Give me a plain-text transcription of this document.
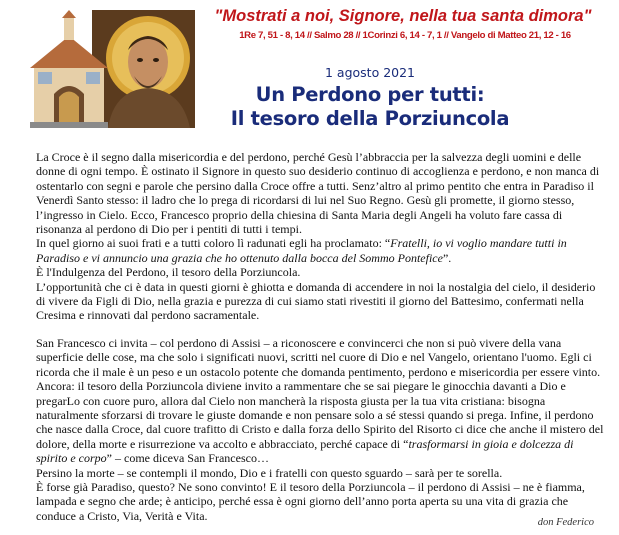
"Mostrati a noi, Signore, nella tua santa dimora"
1Re 7, 51 - 8, 14 // Salmo 28 // 1Corinzi 6, 14 - 7, 1 // Vangelo di Matteo 21, 12 - 16
1 agosto 2021
Un Perdono per tutti:
Il tesoro della Porziuncola

La Croce è il segno dalla misericordia e del perdono, perché Gesù l’abbraccia per la salvezza degli uomini e delle donne di ogni tempo. È ostinato il Signore in questo suo desiderio continuo di accoglienza e perdono, e non manca di ostentarlo con segni e parole che persino dalla Croce offre a tutti. Senz’altro al primo pentito che entra in Paradiso il Venerdì Santo stesso: il ladro che lo prega di ricordarsi di lui nel Suo Regno. Gesù gli promette, il giorno stesso, l’ingresso in Cielo. Ecco, Francesco proprio della chiesina di Santa Maria degli Angeli ha voluto fare cassa di risonanza al perdono di Dio per i pentiti di tutti i tempi.

In quel giorno ai suoi frati e a tutti coloro lì radunati egli ha proclamato: “Fratelli, io vi voglio mandare tutti in Paradiso e vi annuncio una grazia che ho ottenuto dalla bocca del Sommo Pontefice”.

È l'Indulgenza del Perdono, il tesoro della Porziuncola.

L’opportunità che ci è data in questi giorni è ghiotta e domanda di accendere in noi la nostalgia del cielo, il desiderio di vivere da Figli di Dio, nella grazia e purezza di cui siamo stati rivestiti il giorno del Battesimo, confermati nella Cresima e rinnovati dal perdono sacramentale.

San Francesco ci invita – col perdono di Assisi – a riconoscere e convincerci che non si può vivere della vana superficie delle cose, ma che solo i significati nuovi, scritti nel cuore di Dio e nel Vangelo, orientano l'uomo. Egli ci ricorda che il male è un peso e un ostacolo potente che domanda pentimento, perdono e misericordia per essere vinto. Ancora: il tesoro della Porziuncola diviene invito a rammentare che se sai piegare le ginocchia davanti a Dio e pregarLo con cuore puro, allora dal Cielo non mancherà la risposta giusta per la tua vita cristiana: bisogna naturalmente sforzarsi di trovare le giuste domande e non pensare solo a sé stessi quando si prega. Infine, il perdono che nasce dalla Croce, dal cuore trafitto di Cristo e dalla forza dello Spirito del Risorto ci dice che anche il mistero del dolore, della morte e risurrezione va accolto e abbracciato, perché capace di “trasformarsi in gioia e dolcezza di spirito e corpo” – come diceva San Francesco…

Persino la morte – se contempli il mondo, Dio e i fratelli con questo sguardo – sarà per te sorella.

È forse già Paradiso, questo? Ne sono convinto! E il tesoro della Porziuncola – il perdono di Assisi – ne è fiamma, lampada e segno che arde; è anticipo, perché essa è ogni giorno dell’anno porta aperta su una vita di grazia che conduce a Cristo, Via, Verità e Vita.	don Federico
